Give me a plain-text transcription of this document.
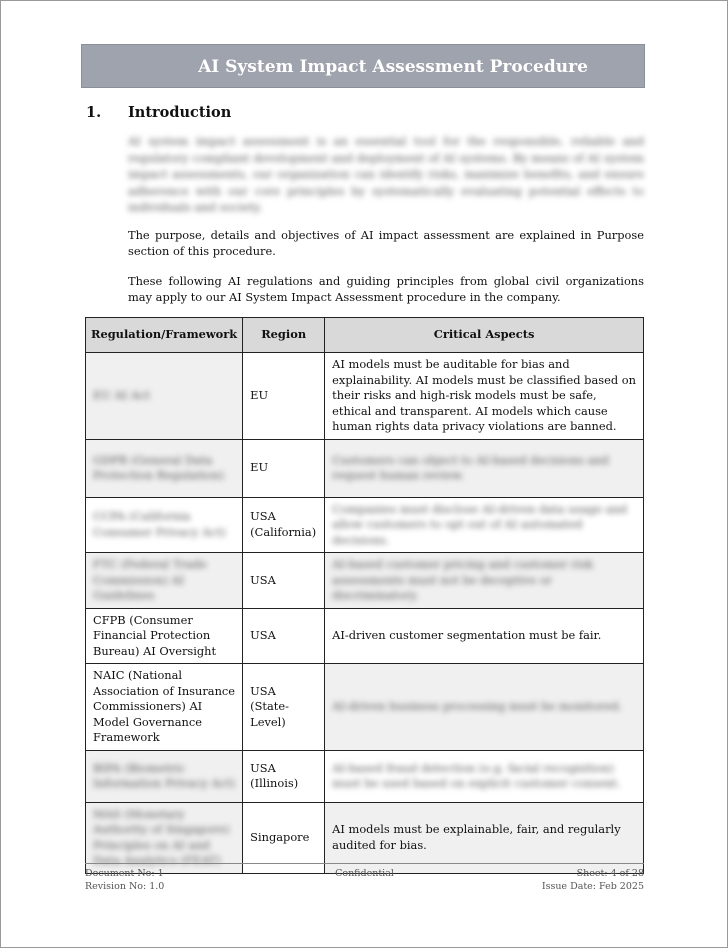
AI System Impact Assessment Procedure
1. Introduction
AI system impact assessment is an essential tool for the responsible, reliable and regulatory compliant development and deployment of AI systems. By means of AI system impact assessments, our organization can identify risks, maximize benefits, and ensure adherence with our core principles by systematically evaluating potential effects to individuals and society.
The purpose, details and objectives of AI impact assessment are explained in Purpose section of this procedure.
These following AI regulations and guiding principles from global civil organizations may apply to our AI System Impact Assessment procedure in the company.
Regulation/Framework	Region	Critical Aspects
EU AI Act	EU	AI models must be auditable for bias and explainability. AI models must be classified based on their risks and high-risk models must be safe, ethical and transparent. AI models which cause human rights data privacy violations are banned.
GDPR (General Data Protection Regulation)	EU	Customers can object to AI-based decisions and request human review.
CCPA (California Consumer Privacy Act)	USA (California)	Companies must disclose AI-driven data usage and allow customers to opt out of AI automated decisions.
FTC (Federal Trade Commission) AI Guidelines	USA	AI-based customer pricing and customer risk assessments must not be deceptive or discriminatory.
CFPB (Consumer Financial Protection Bureau) AI Oversight	USA	AI-driven customer segmentation must be fair.
NAIC (National Association of Insurance Commissioners) AI Model Governance Framework	USA (State-Level)	AI-driven business processing must be monitored.
BIPA (Biometric Information Privacy Act)	USA (Illinois)	AI-based fraud detection (e.g. facial recognition) must be used based on explicit customer consent.
MAS (Monetary Authority of Singapore) Principles on AI and Data Analytics (FEAT)	Singapore	AI models must be explainable, fair, and regularly audited for bias.
Document No: 1
Revision No: 1.0
Confidential	Sheet: 4 of 28
Issue Date: Feb 2025
